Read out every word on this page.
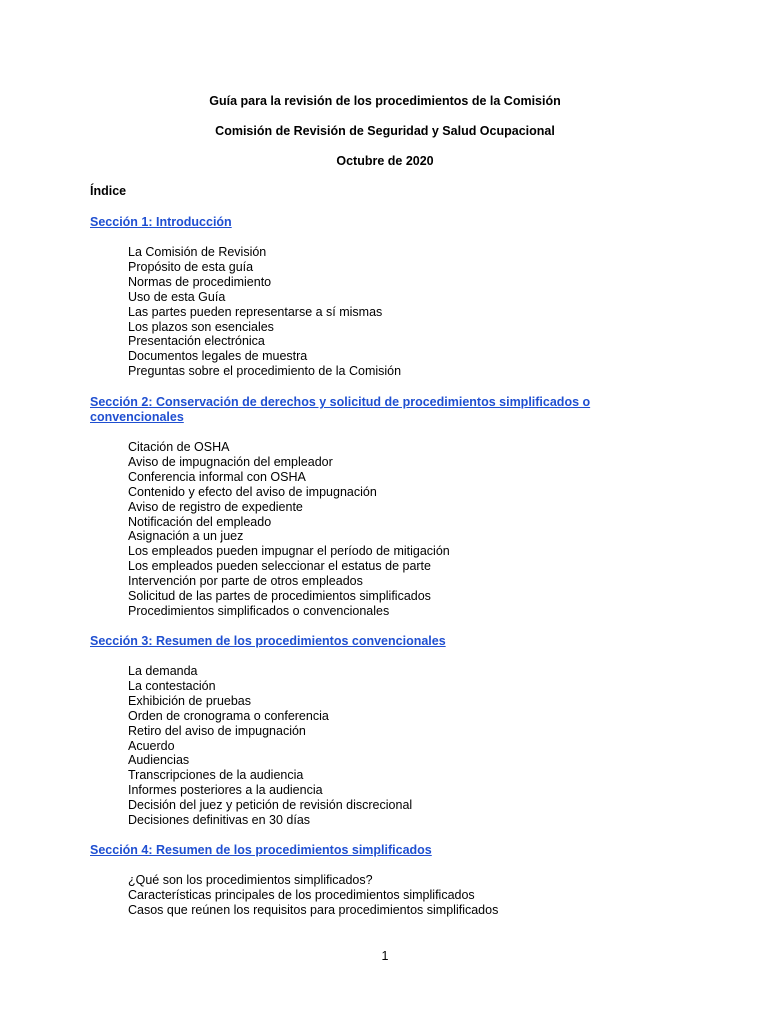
Guía para la revisión de los procedimientos de la Comisión
Comisión de Revisión de Seguridad y Salud Ocupacional
Octubre de 2020
Índice
Sección 1: Introducción
La Comisión de Revisión
Propósito de esta guía
Normas de procedimiento
Uso de esta Guía
Las partes pueden representarse a sí mismas
Los plazos son esenciales
Presentación electrónica
Documentos legales de muestra
Preguntas sobre el procedimiento de la Comisión
Sección 2: Conservación de derechos y solicitud de procedimientos simplificados o convencionales
Citación de OSHA
Aviso de impugnación del empleador
Conferencia informal con OSHA
Contenido y efecto del aviso de impugnación
Aviso de registro de expediente
Notificación del empleado
Asignación a un juez
Los empleados pueden impugnar el período de mitigación
Los empleados pueden seleccionar el estatus de parte
Intervención por parte de otros empleados
Solicitud de las partes de procedimientos simplificados
Procedimientos simplificados o convencionales
Sección 3: Resumen de los procedimientos convencionales
La demanda
La contestación
Exhibición de pruebas
Orden de cronograma o conferencia
Retiro del aviso de impugnación
Acuerdo
Audiencias
Transcripciones de la audiencia
Informes posteriores a la audiencia
Decisión del juez y petición de revisión discrecional
Decisiones definitivas en 30 días
Sección 4: Resumen de los procedimientos simplificados
¿Qué son los procedimientos simplificados?
Características principales de los procedimientos simplificados
Casos que reúnen los requisitos para procedimientos simplificados
1
